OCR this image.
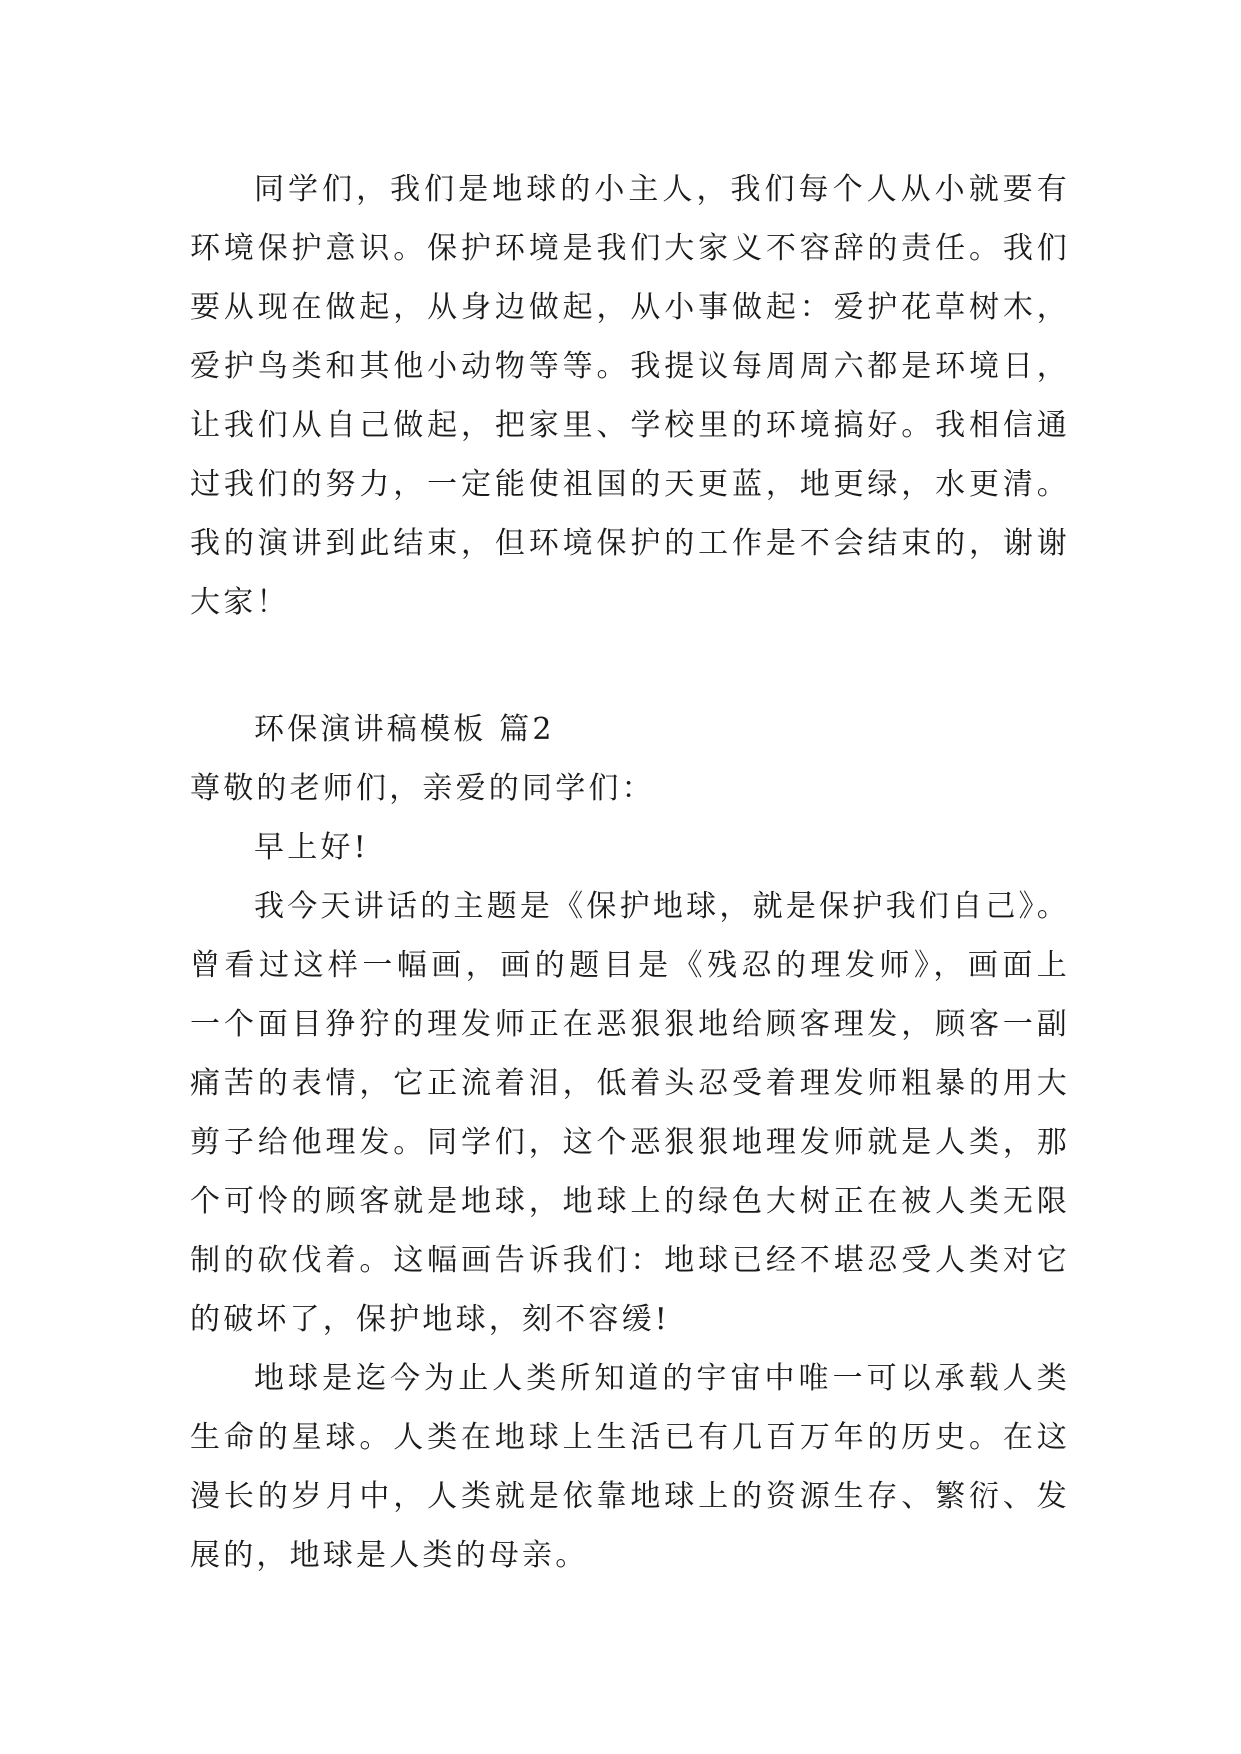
同学们，我们是地球的小主人，我们每个人从小就要有环境保护意识。保护环境是我们大家义不容辞的责任。我们要从现在做起，从身边做起，从小事做起：爱护花草树木，爱护鸟类和其他小动物等等。我提议每周周六都是环境日，让我们从自己做起，把家里、学校里的环境搞好。我相信通过我们的努力，一定能使祖国的天更蓝，地更绿，水更清。我的演讲到此结束，但环境保护的工作是不会结束的，谢谢大家！

环保演讲稿模板 篇2

尊敬的老师们，亲爱的同学们：

早上好!

我今天讲话的主题是《保护地球，就是保护我们自己》。曾看过这样一幅画，画的题目是《残忍的理发师》，画面上一个面目狰狞的理发师正在恶狠狠地给顾客理发，顾客一副痛苦的表情，它正流着泪，低着头忍受着理发师粗暴的用大剪子给他理发。同学们，这个恶狠狠地理发师就是人类，那个可怜的顾客就是地球，地球上的绿色大树正在被人类无限制的砍伐着。这幅画告诉我们：地球已经不堪忍受人类对它的破坏了，保护地球，刻不容缓!

地球是迄今为止人类所知道的宇宙中唯一可以承载人类生命的星球。人类在地球上生活已有几百万年的历史。在这漫长的岁月中，人类就是依靠地球上的资源生存、繁衍、发展的，地球是人类的母亲。
